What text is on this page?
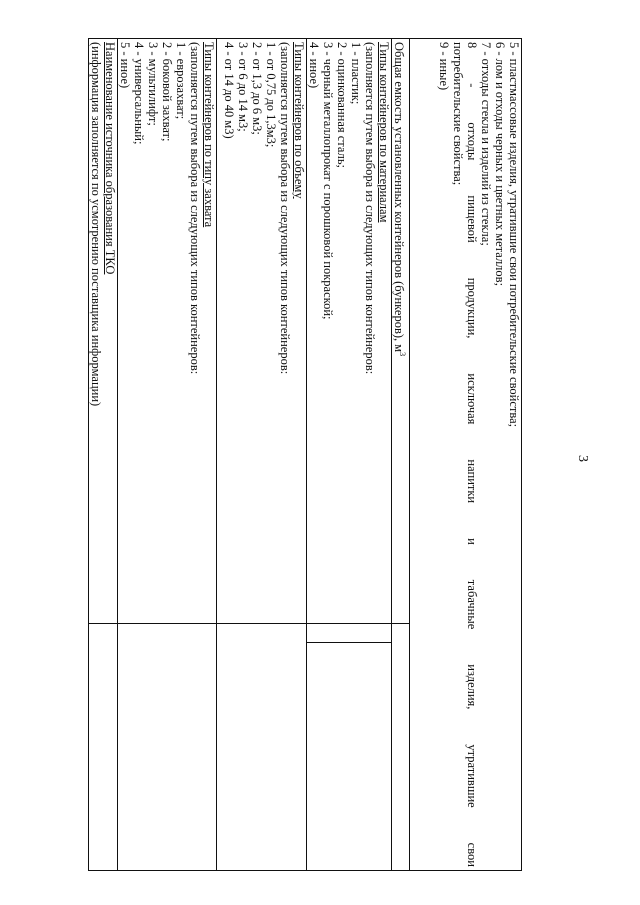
3
5 - пластмассовые изделия, утратившие свои потребительские свойства;
6 - лом и отходы черных и цветных металлов;
7 - отходы стекла и изделий из стекла;
8 - отходы пищевой продукции, исключая напитки и табачные изделия, утратившие свои
потребительские свойства;
9 - иные)

Общая емкость установленных контейнеров (бункеров), $м^3$	

Типы контейнеров по материалам
(заполняется путем выбора из следующих типов контейнеров:
1 - пластик;
2 - оцинкованная сталь;
3 - черный металлопрокат с порошковой покраской;
4 - иное)

Типы контейнеров по объему
(заполняется путем выбора из следующих типов контейнеров:
1 - от 0,75 до 1,3м3;
2 - от 1,3 до 6 м3;
3 - от 6 до 14 м3;
4 - от 14 до 40 м3)

Типы контейнеров по типу захвата
(заполняется путем выбора из следующих типов контейнеров:
1 - еврозахват;
2 - боковой захват;
3 - мультилифт;
4 - универсальный;
5 - иное)

Наименование источника образования ТКО
(информация заполняется по усмотрению поставщика информации)
